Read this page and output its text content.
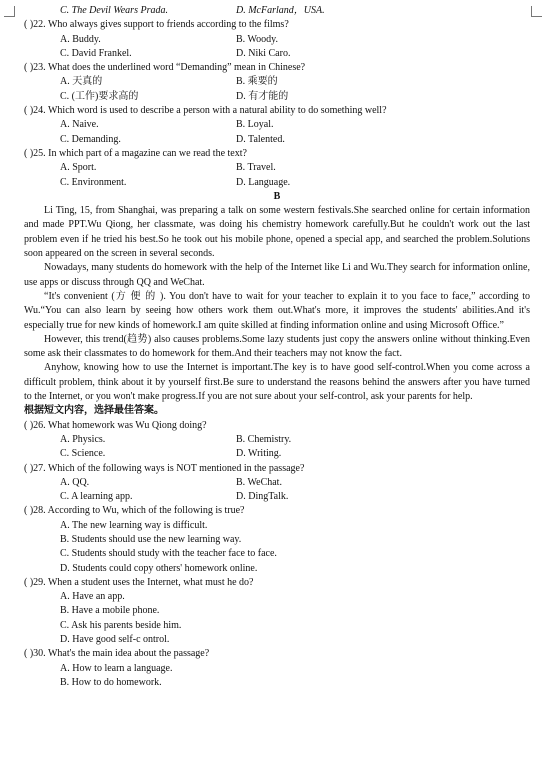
C. The Devil Wears Prada.	D. McFarland，USA.
( )22. Who always gives support to friends according to the films?
A. Buddy.	B. Woody.
C. David Frankel.	D. Niki Caro.
( )23. What does the underlined word “Demanding” mean in Chinese?
A. 天真的	B. 乘要的
C. (工作)要求高的	D. 有才能的
( )24. Which word is used to describe a person with a natural ability to do something well?
A. Naive.	B. Loyal.
C. Demanding.	D. Talented.
( )25. In which part of a magazine can we read the text?
A. Sport.	B. Travel.
C. Environment.	D. Language.
B

Li Ting, 15, from Shanghai, was preparing a talk on some western festivals.She searched online for certain information and made PPT.Wu Qiong, her classmate, was doing his chemistry homework carefully.But he couldn't work out the last problem even if he tried his best.So he took out his mobile phone, opened a special app, and searched the problem.Solutions soon appeared on the screen in several seconds.

Nowadays, many students do homework with the help of the Internet like Li and Wu.They search for information online, use apps or discuss through QQ and WeChat.

“It's convenient (方 便 的 ). You don't have to wait for your teacher to explain it to you face to face,” according to Wu.“You can also learn by seeing how others work them out.What's more, it improves the students' abilities.And it's especially true for new kinds of homework.I am quite skilled at finding information online and using Microsoft Office.”

However, this trend(趋势) also causes problems.Some lazy students just copy the answers online without thinking.Even some ask their classmates to do homework for them.And their teachers may not know the fact.

Anyhow, knowing how to use the Internet is important.The key is to have good self-control.When you come across a difficult problem, think about it by yourself first.Be sure to understand the reasons behind the answers after you have turned to the Internet, or you won't make progress.If you are not sure about your self-control, ask your parents for help.

根据短文内容，选择最佳答案。
( )26. What homework was Wu Qiong doing?
A. Physics.	B. Chemistry.
C. Science.	D. Writing.
( )27. Which of the following ways is NOT mentioned in the passage?
A. QQ.	B. WeChat.
C. A learning app.	D. DingTalk.
( )28. According to Wu, which of the following is true?
A. The new learning way is difficult.
B. Students should use the new learning way.
C. Students should study with the teacher face to face.
D. Students could copy others' homework online.
( )29. When a student uses the Internet, what must he do?
A. Have an app.
B. Have a mobile phone.
C. Ask his parents beside him.
D. Have good self-c ontrol.
( )30. What's the main idea about the passage?
A. How to learn a language.
B. How to do homework.
